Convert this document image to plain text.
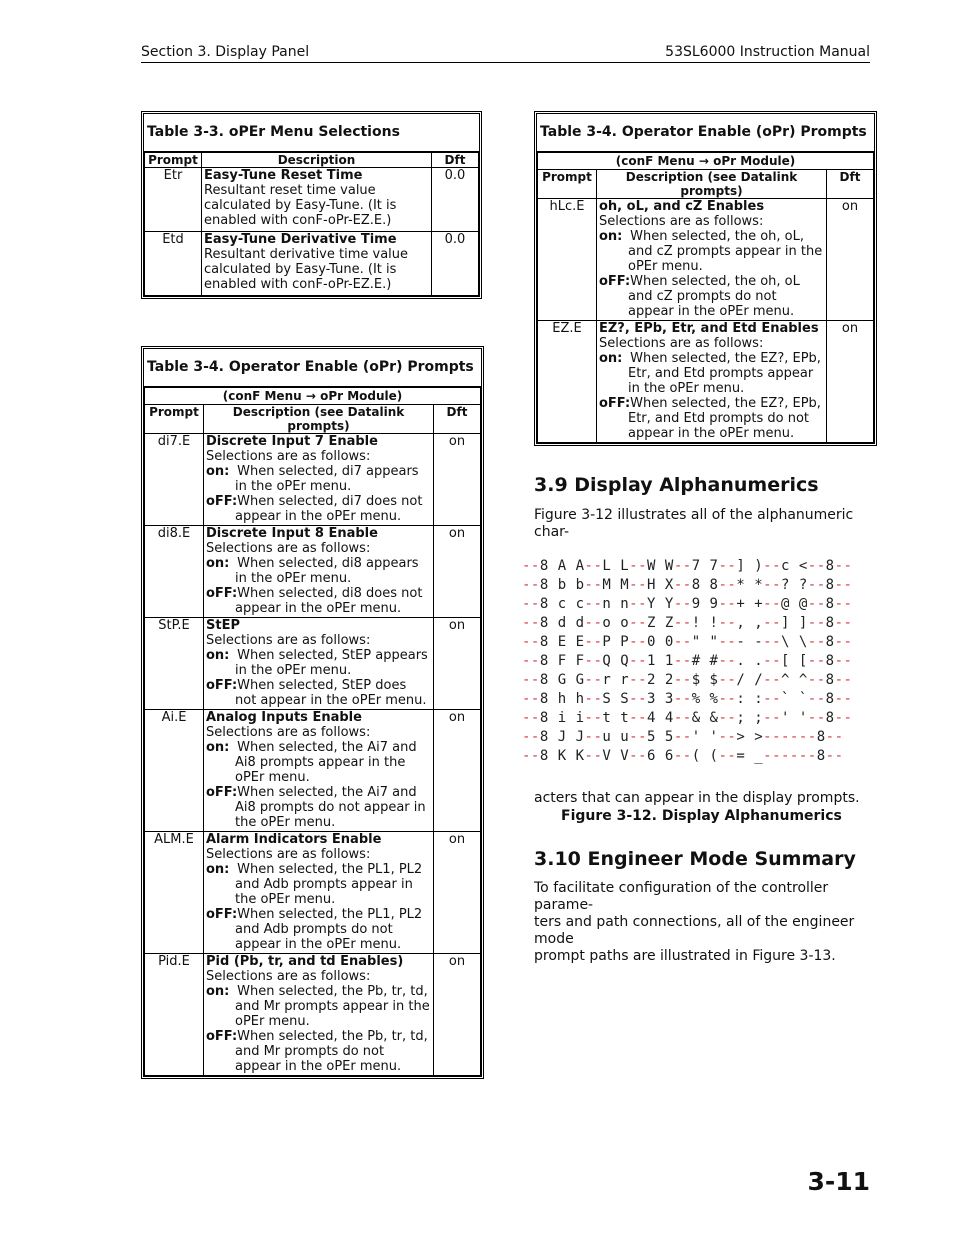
Section 3. Display Panel	53SL6000 Instruction Manual
Table 3-3. oPEr Menu Selections
Prompt	Description	Dft
Etr	Easy-Tune Reset Time
Resultant reset time value
calculated by Easy-Tune. (It is
enabled with conF-oPr-EZ.E.)	0.0
Etd	Easy-Tune Derivative Time
Resultant derivative time value
calculated by Easy-Tune. (It is
enabled with conF-oPr-EZ.E.)	0.0
Table 3-4. Operator Enable (oPr) Prompts
(conF Menu → oPr Module)		
Prompt	Description (see Datalink prompts)	Dft
di7.E	Discrete Input 7 Enable
Selections are as follows:
on: When selected, di7 appears in the oPEr menu.
oFF: When selected, di7 does not appear in the oPEr menu.	on
di8.E	Discrete Input 8 Enable
Selections are as follows:
on: When selected, di8 appears in the oPEr menu.
oFF: When selected, di8 does not appear in the oPEr menu.	on
StP.E	StEP
Selections are as follows:
on: When selected, StEP appears in the oPEr menu.
oFF: When selected, StEP does not appear in the oPEr menu.	on
Ai.E	Analog Inputs Enable
Selections are as follows:
on: When selected, the Ai7 and Ai8 prompts appear in the oPEr menu.
oFF: When selected, the Ai7 and Ai8 prompts do not appear in the oPEr menu.	on
ALM.E	Alarm Indicators Enable
Selections are as follows:
on: When selected, the PL1, PL2 and Adb prompts appear in the oPEr menu.
oFF: When selected, the PL1, PL2 and Adb prompts do not appear in the oPEr menu.	on
Pid.E	Pid (Pb, tr, and td Enables)
Selections are as follows:
on: When selected, the Pb, tr, td, and Mr prompts appear in the oPEr menu.
oFF: When selected, the Pb, tr, td, and Mr prompts do not appear in the oPEr menu.	on
Table 3-4. Operator Enable (oPr) Prompts
(conF Menu → oPr Module)		
Prompt	Description (see Datalink prompts)	Dft
hLc.E	oh, oL, and cZ Enables
Selections are as follows:
on: When selected, the oh, oL, and cZ prompts appear in the oPEr menu.
oFF: When selected, the oh, oL and cZ prompts do not appear in the oPEr menu.	on
EZ.E	EZ?, EPb, Etr, and Etd Enables
Selections are as follows:
on: When selected, the EZ?, EPb, Etr, and Etd prompts appear in the oPEr menu.
oFF: When selected, the EZ?, EPb, Etr, and Etd prompts do not appear in the oPEr menu.	on
3.9 Display Alphanumerics

Figure 3-12 illustrates all of the alphanumeric char-

--8 A A--L L--W W--7 7--] )--c <--8--
--8 b b--M M--H X--8 8--* *--? ?--8--
--8 c c--n n--Y Y--9 9--+ +--@ @--8--
--8 d d--o o--Z Z--! !--, ,--] ]--8--
--8 E E--P P--0 0--" "--- ---\ \--8--
--8 F F--Q Q--1 1--# #--. .--[ [--8--
--8 G G--r r--2 2--$ $--/ /--^ ^--8--
--8 h h--S S--3 3--% %--: :--` `--8--
--8 i i--t t--4 4--& &--; ;--' '--8--
--8 J J--u u--5 5--' '--> >------8--
--8 K K--V V--6 6--( (--= _------8--

acters that can appear in the display prompts.

Figure 3-12. Display Alphanumerics
3.10 Engineer Mode Summary
To facilitate configuration of the controller parame-
ters and path connections, all of the engineer mode
prompt paths are illustrated in Figure 3-13.
3-11
